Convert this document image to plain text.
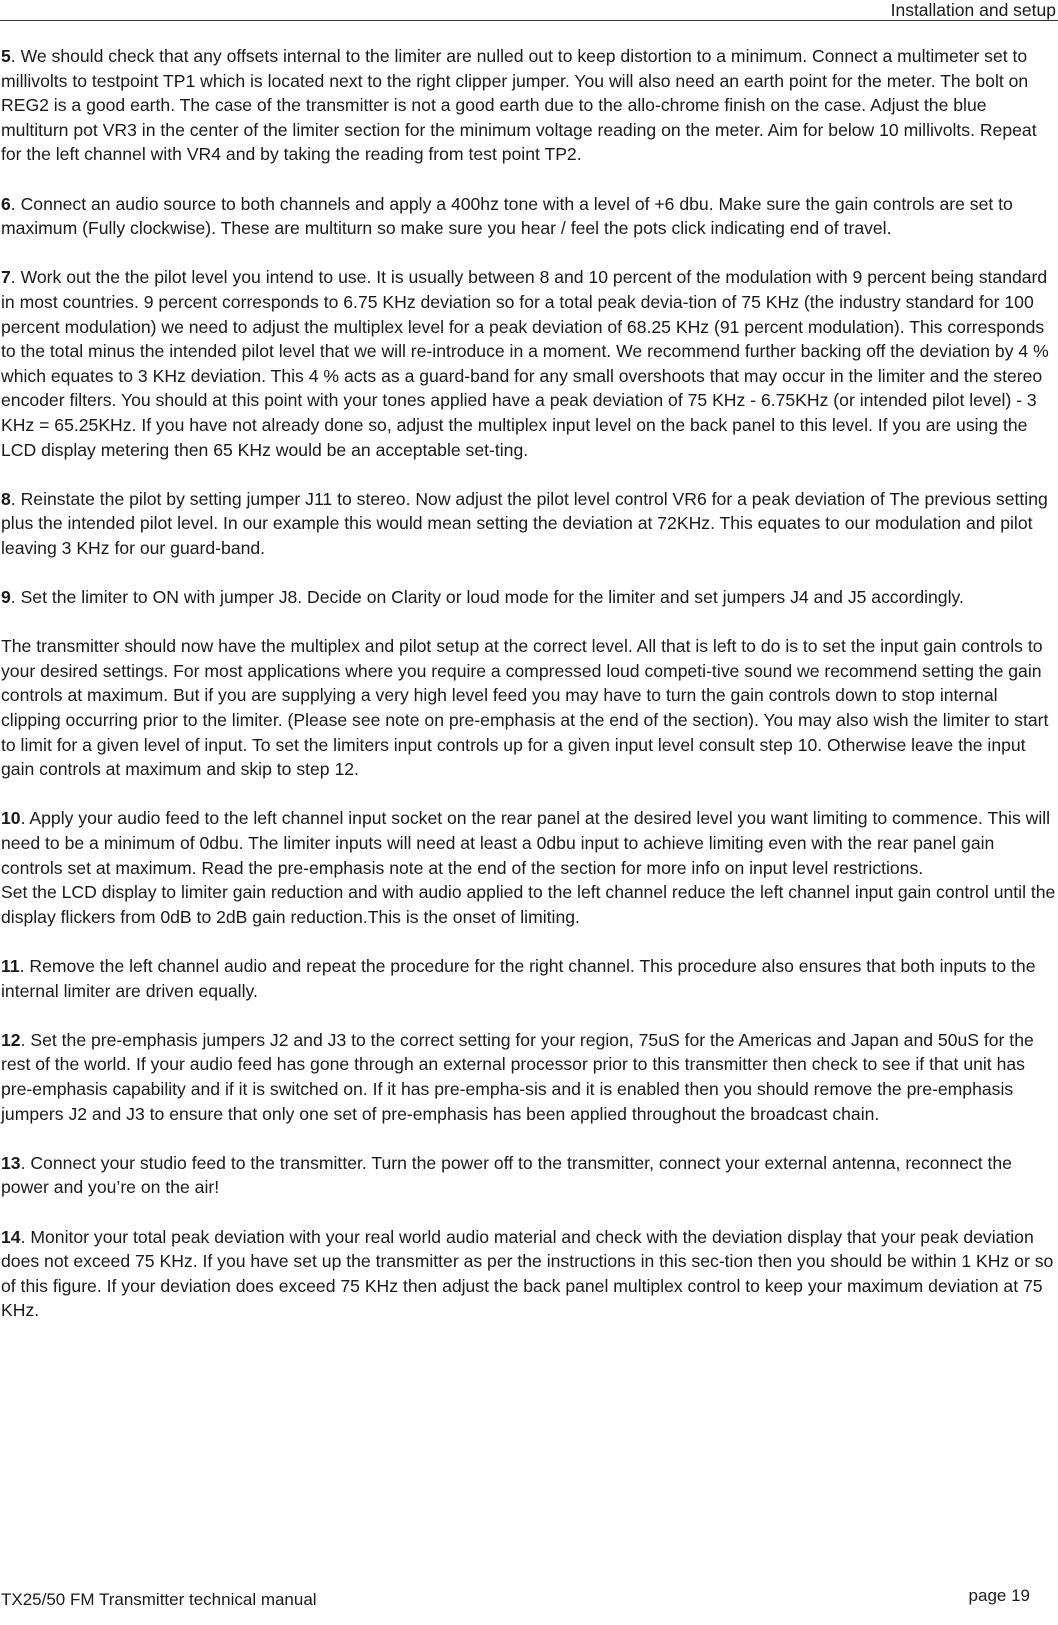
Installation and setup

5. We should check that any offsets internal to the limiter are nulled out to keep distortion to a minimum. Connect a multimeter set to millivolts to testpoint TP1 which is located next to the right clipper jumper. You will also need an earth point for the meter. The bolt on REG2 is a good earth. The case of the transmitter is not a good earth due to the allo-chrome finish on the case. Adjust the blue multiturn pot VR3 in the center of the limiter section for the minimum voltage reading on the meter. Aim for below 10 millivolts. Repeat for the left channel with VR4 and by taking the reading from test point TP2.

6. Connect an audio source to both channels and apply a 400hz tone with a level of +6 dbu. Make sure the gain controls are set to maximum (Fully clockwise). These are multiturn so make sure you hear / feel the pots click indicating end of travel.

7. Work out the the pilot level you intend to use. It is usually between 8 and 10 percent of the modulation with 9 percent being standard in most countries. 9 percent corresponds to 6.75 KHz deviation so for a total peak devia-tion of 75 KHz (the industry standard for 100 percent modulation) we need to adjust the multiplex level for a peak deviation of 68.25 KHz (91 percent modulation). This corresponds to the total minus the intended pilot level that we will re-introduce in a moment. We recommend further backing off the deviation by 4 % which equates to 3 KHz deviation. This 4 % acts as a guard-band for any small overshoots that may occur in the limiter and the stereo encoder filters. You should at this point with your tones applied have a peak deviation of 75 KHz - 6.75KHz (or intended pilot level) - 3 KHz = 65.25KHz. If you have not already done so, adjust the multiplex input level on the back panel to this level. If you are using the LCD display metering then 65 KHz would be an acceptable set-ting.

8. Reinstate the pilot by setting jumper J11 to stereo. Now adjust the pilot level control VR6 for a peak deviation of The previous setting plus the intended pilot level. In our example this would mean setting the deviation at 72KHz. This equates to our modulation and pilot leaving 3 KHz for our guard-band.

9. Set the limiter to ON with jumper J8. Decide on Clarity or loud mode for the limiter and set jumpers J4 and J5 accordingly.

The transmitter should now have the multiplex and pilot setup at the correct level. All that is left to do is to set the input gain controls to your desired settings. For most applications where you require a compressed loud competi-tive sound we recommend setting the gain controls at maximum. But if you are supplying a very high level feed you may have to turn the gain controls down to stop internal clipping occurring prior to the limiter. (Please see note on pre-emphasis at the end of the section). You may also wish the limiter to start to limit for a given level of input. To set the limiters input controls up for a given input level consult step 10. Otherwise leave the input gain controls at maximum and skip to step 12.

10. Apply your audio feed to the left channel input socket on the rear panel at the desired level you want limiting to commence. This will need to be a minimum of 0dbu. The limiter inputs will need at least a 0dbu input to achieve limiting even with the rear panel gain controls set at maximum. Read the pre-emphasis note at the end of the section for more info on input level restrictions.
Set the LCD display to limiter gain reduction and with audio applied to the left channel reduce the left channel input gain control until the display flickers from 0dB to 2dB gain reduction.This is the onset of limiting.

11. Remove the left channel audio and repeat the procedure for the right channel. This procedure also ensures that both inputs to the internal limiter are driven equally.

12. Set the pre-emphasis jumpers J2 and J3 to the correct setting for your region, 75uS for the Americas and Japan and 50uS for the rest of the world. If your audio feed has gone through an external processor prior to this transmitter then check to see if that unit has pre-emphasis capability and if it is switched on. If it has pre-empha-sis and it is enabled then you should remove the pre-emphasis jumpers J2 and J3 to ensure that only one set of pre-emphasis has been applied throughout the broadcast chain.

13. Connect your studio feed to the transmitter. Turn the power off to the transmitter, connect your external antenna, reconnect the power and you’re on the air!

14. Monitor your total peak deviation with your real world audio material and check with the deviation display that your peak deviation does not exceed 75 KHz. If you have set up the transmitter as per the instructions in this sec-tion then you should be within 1 KHz or so of this figure. If your deviation does exceed 75 KHz then adjust the back panel multiplex control to keep your maximum deviation at 75 KHz.

TX25/50 FM Transmitter technical manual	page 19
